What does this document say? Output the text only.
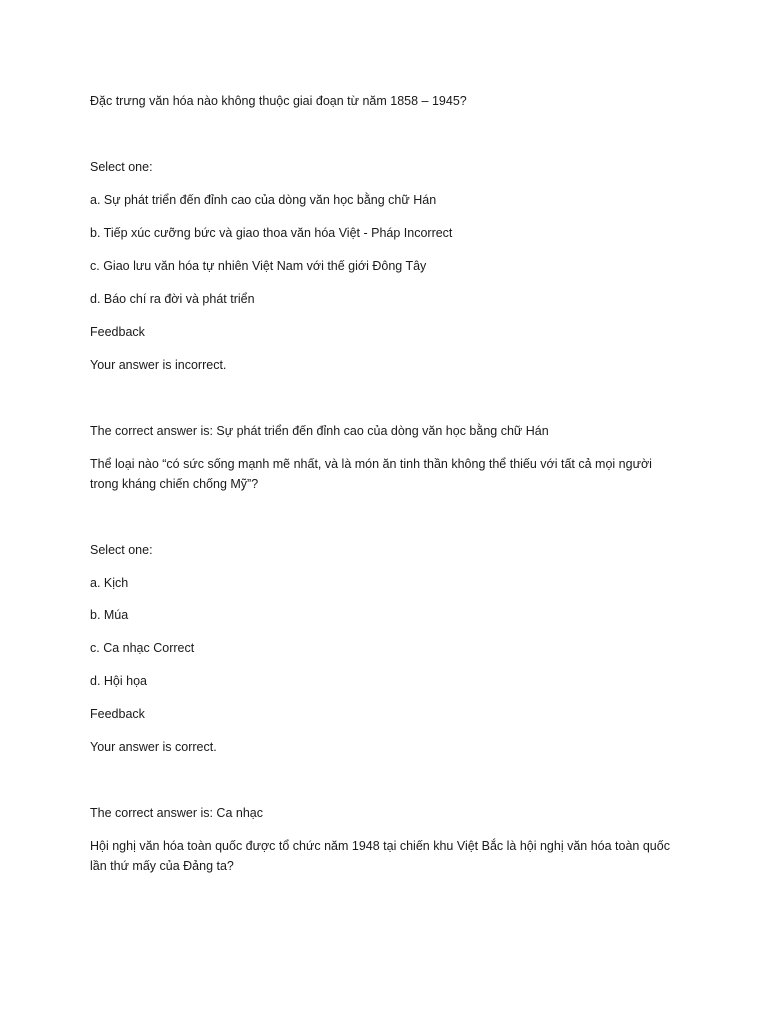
Đặc trưng văn hóa nào không thuộc giai đoạn từ năm 1858 – 1945?
Select one:
a. Sự phát triển đến đỉnh cao của dòng văn học bằng chữ Hán
b. Tiếp xúc cưỡng bức và giao thoa văn hóa Việt - Pháp Incorrect
c. Giao lưu văn hóa tự nhiên Việt Nam với thế giới Đông Tây
d. Báo chí ra đời và phát triển
Feedback
Your answer is incorrect.
The correct answer is: Sự phát triển đến đỉnh cao của dòng văn học bằng chữ Hán
Thể loại nào “có sức sống mạnh mẽ nhất, và là món ăn tinh thần không thể thiếu với tất cả mọi người
trong kháng chiến chống Mỹ”?
Select one:
a. Kịch
b. Múa
c. Ca nhạc Correct
d. Hội họa
Feedback
Your answer is correct.
The correct answer is: Ca nhạc
Hội nghị văn hóa toàn quốc được tổ chức năm 1948 tại chiến khu Việt Bắc là hội nghị văn hóa toàn quốc
lần thứ mấy của Đảng ta?
